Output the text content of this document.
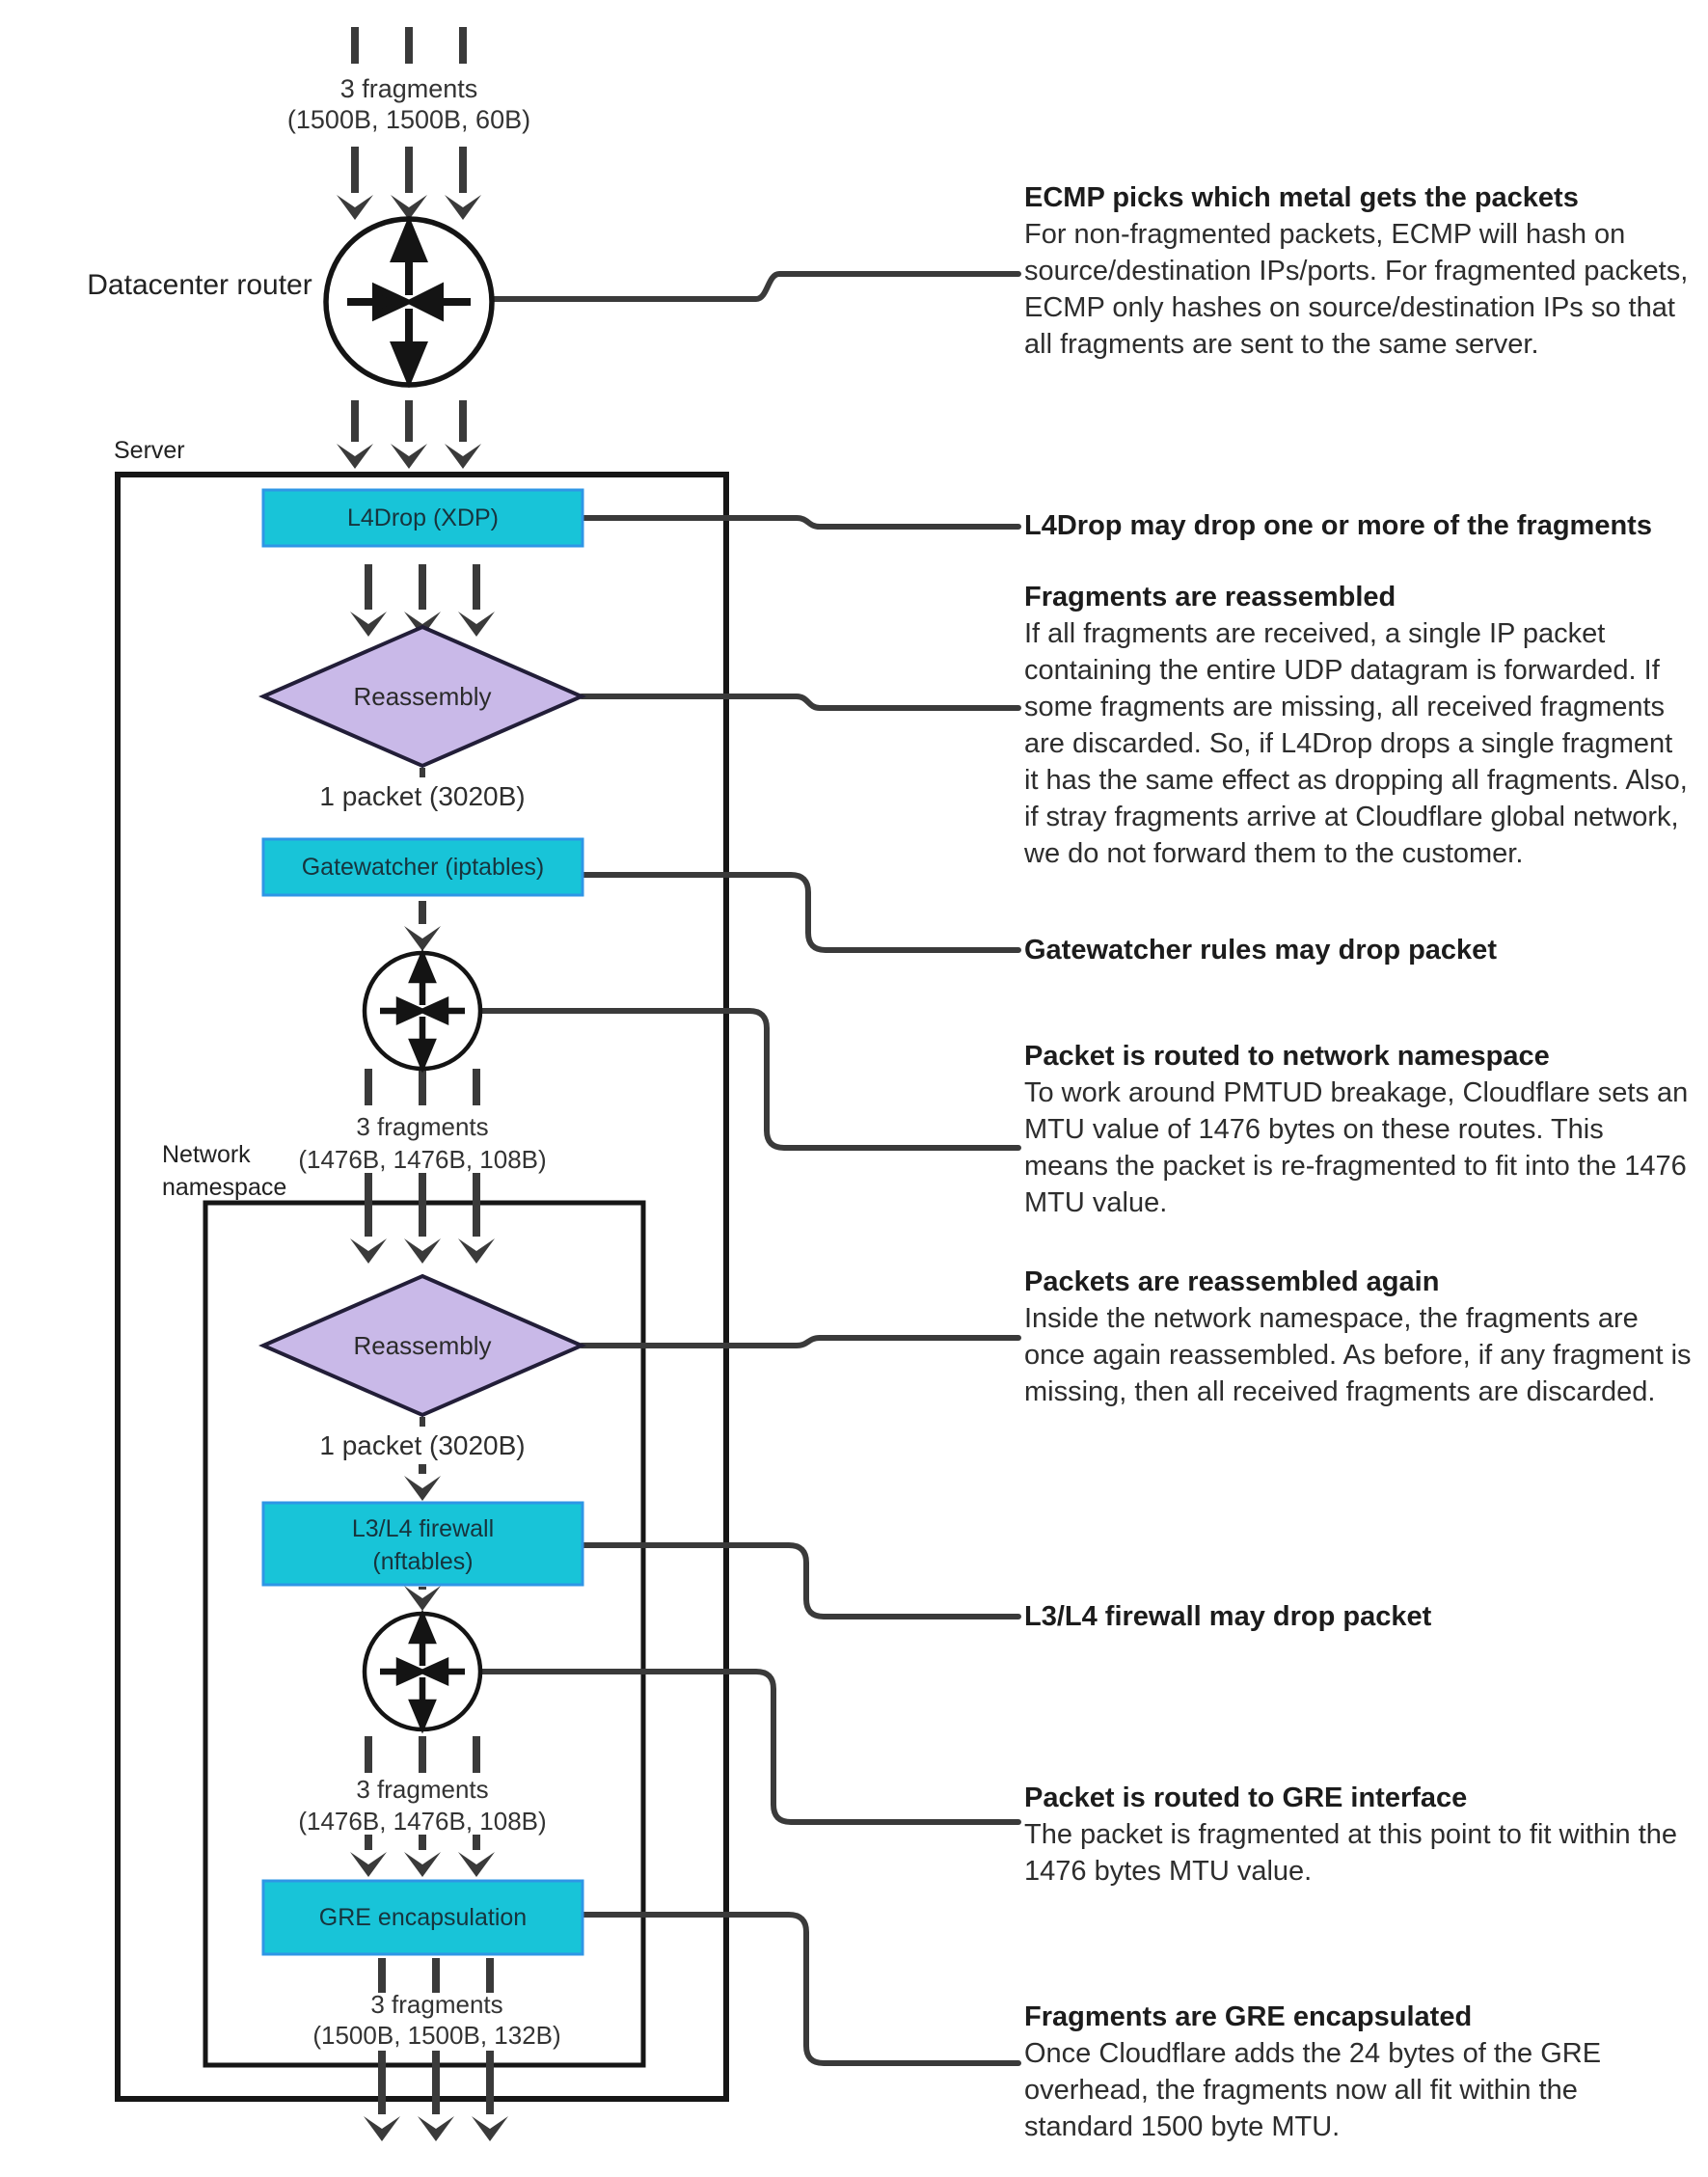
3 fragments
(1500B, 1500B, 60B)
1 packet (3020B)
3 fragments
(1476B, 1476B, 108B)
1 packet (3020B)
3 fragments
(1476B, 1476B, 108B)
3 fragments
(1500B, 1500B, 132B)
Datacenter router
Server
Network namespace
L4Drop (XDP)
Reassembly
Gatewatcher (iptables)
Reassembly
L3/L4 firewall
(nftables)
GRE encapsulation
ECMP picks which metal gets the packets
For non-fragmented packets, ECMP will hash on source/destination IPs/ports. For fragmented packets, ECMP only hashes on source/destination IPs so that all fragments are sent to the same server.
L4Drop may drop one or more of the fragments
Fragments are reassembled
If all fragments are received, a single IP packet containing the entire UDP datagram is forwarded. If some fragments are missing, all received fragments are discarded. So, if L4Drop drops a single fragment it has the same effect as dropping all fragments. Also, if stray fragments arrive at Cloudflare global network, we do not forward them to the customer.
Gatewatcher rules may drop packet
Packet is routed to network namespace
To work around PMTUD breakage, Cloudflare sets an MTU value of 1476 bytes on these routes. This means the packet is re-fragmented to fit into the 1476 MTU value.
Packets are reassembled again
Inside the network namespace, the fragments are once again reassembled. As before, if any fragment is missing, then all received fragments are discarded.
L3/L4 firewall may drop packet
Packet is routed to GRE interface
The packet is fragmented at this point to fit within the 1476 bytes MTU value.
Fragments are GRE encapsulated
Once Cloudflare adds the 24 bytes of the GRE overhead, the fragments now all fit within the standard 1500 byte MTU.
